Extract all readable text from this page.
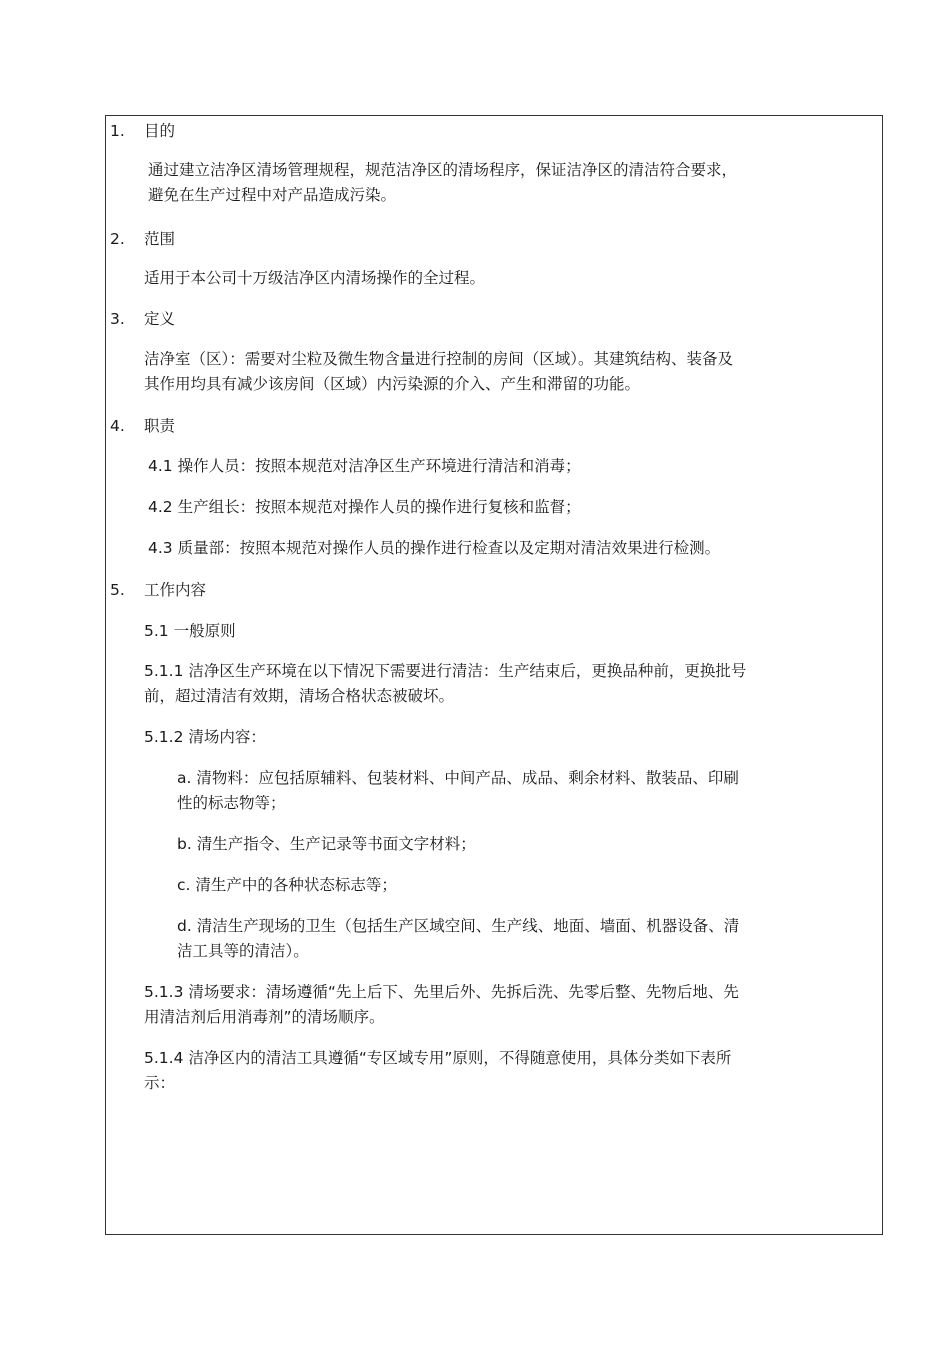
1. 目的
通过建立洁净区清场管理规程，规范洁净区的清场程序，保证洁净区的清洁符合要求，
避免在生产过程中对产品造成污染。
2. 范围
适用于本公司十万级洁净区内清场操作的全过程。
3. 定义
洁净室（区）：需要对尘粒及微生物含量进行控制的房间（区域）。其建筑结构、装备及
其作用均具有减少该房间（区域）内污染源的介入、产生和滞留的功能。
4. 职责
4.1 操作人员：按照本规范对洁净区生产环境进行清洁和消毒；
4.2 生产组长：按照本规范对操作人员的操作进行复核和监督；
4.3 质量部：按照本规范对操作人员的操作进行检查以及定期对清洁效果进行检测。
5. 工作内容
5.1 一般原则
5.1.1 洁净区生产环境在以下情况下需要进行清洁：生产结束后，更换品种前，更换批号
前，超过清洁有效期，清场合格状态被破坏。
5.1.2 清场内容：
a. 清物料：应包括原辅料、包装材料、中间产品、成品、剩余材料、散装品、印刷
性的标志物等；
b. 清生产指令、生产记录等书面文字材料；
c. 清生产中的各种状态标志等；
d. 清洁生产现场的卫生（包括生产区域空间、生产线、地面、墙面、机器设备、清
洁工具等的清洁）。
5.1.3 清场要求：清场遵循“先上后下、先里后外、先拆后洗、先零后整、先物后地、先
用清洁剂后用消毒剂”的清场顺序。
5.1.4 洁净区内的清洁工具遵循“专区域专用”原则，不得随意使用，具体分类如下表所
示：
